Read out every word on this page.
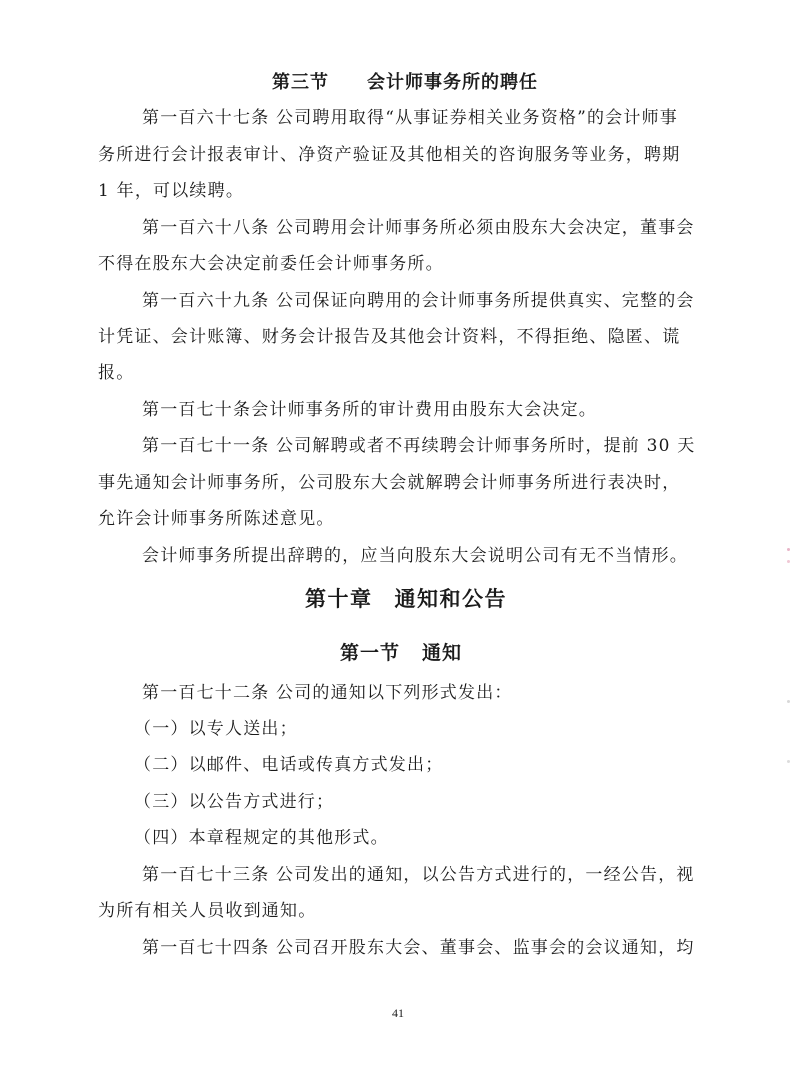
第三节 会计师事务所的聘任
第一百六十七条 公司聘用取得“从事证券相关业务资格”的会计师事
务所进行会计报表审计、净资产验证及其他相关的咨询服务等业务，聘期
1 年，可以续聘。
第一百六十八条 公司聘用会计师事务所必须由股东大会决定，董事会
不得在股东大会决定前委任会计师事务所。
第一百六十九条 公司保证向聘用的会计师事务所提供真实、完整的会
计凭证、会计账簿、财务会计报告及其他会计资料，不得拒绝、隐匿、谎
报。
第一百七十条会计师事务所的审计费用由股东大会决定。
第一百七十一条 公司解聘或者不再续聘会计师事务所时，提前 30 天
事先通知会计师事务所，公司股东大会就解聘会计师事务所进行表决时，
允许会计师事务所陈述意见。
会计师事务所提出辞聘的，应当向股东大会说明公司有无不当情形。
第十章 通知和公告
第一节 通知
第一百七十二条 公司的通知以下列形式发出：
（一）以专人送出；
（二）以邮件、电话或传真方式发出；
（三）以公告方式进行；
（四）本章程规定的其他形式。
第一百七十三条 公司发出的通知，以公告方式进行的，一经公告，视
为所有相关人员收到通知。
第一百七十四条 公司召开股东大会、董事会、监事会的会议通知，均
41
